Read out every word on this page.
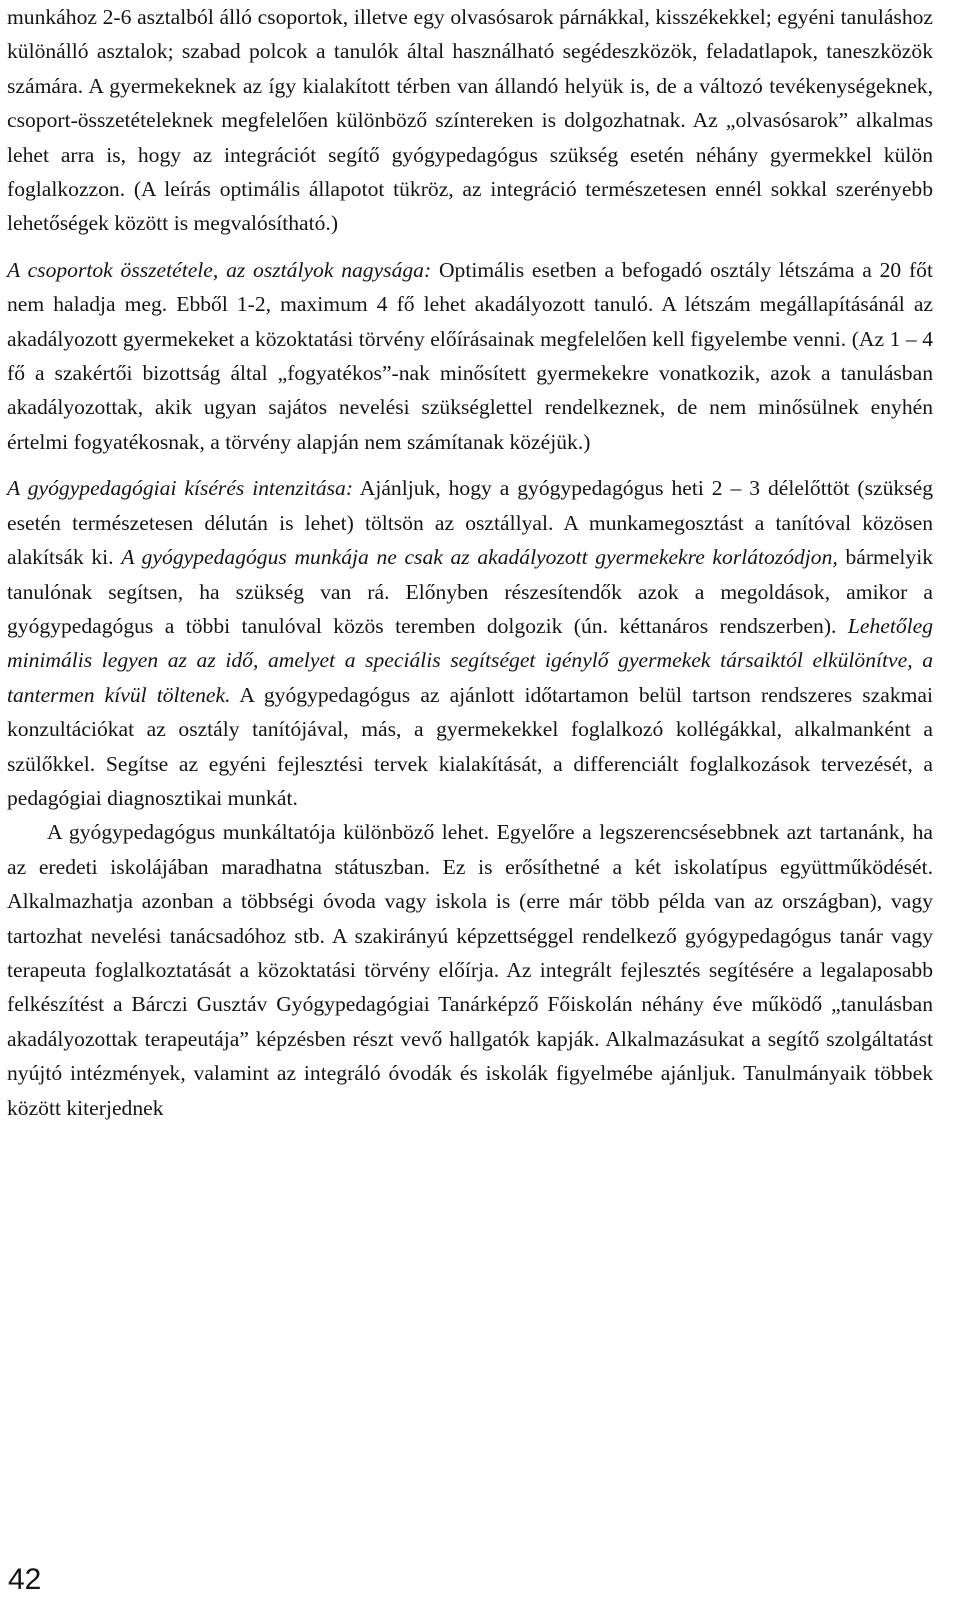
munkához 2-6 asztalból álló csoportok, illetve egy olvasósarok párnákkal, kisszékekkel; egyéni tanuláshoz különálló asztalok; szabad polcok a tanulók által használható segédeszközök, feladatlapok, taneszközök számára. A gyermekeknek az így kialakított térben van állandó helyük is, de a változó tevékenységeknek, csoport-összetételeknek megfelelően különböző színtereken is dolgozhatnak. Az „olvasósarok” alkalmas lehet arra is, hogy az integrációt segítő gyógypedagógus szükség esetén néhány gyermekkel külön foglalkozzon. (A leírás optimális állapotot tükröz, az integráció természetesen ennél sokkal szerényebb lehetőségek között is megvalósítható.)

A csoportok összetétele, az osztályok nagysága: Optimális esetben a befogadó osztály létszáma a 20 főt nem haladja meg. Ebből 1-2, maximum 4 fő lehet akadályozott tanuló. A létszám megállapításánál az akadályozott gyermekeket a közoktatási törvény előírásainak megfelelően kell figyelembe venni. (Az 1 – 4 fő a szakértői bizottság által „fogyatékos”-nak minősített gyermekekre vonatkozik, azok a tanulásban akadályozottak, akik ugyan sajátos nevelési szükséglettel rendelkeznek, de nem minősülnek enyhén értelmi fogyatékosnak, a törvény alapján nem számítanak közéjük.)

A gyógypedagógiai kísérés intenzitása: Ajánljuk, hogy a gyógypedagógus heti 2 – 3 délelőttöt (szükség esetén természetesen délután is lehet) töltsön az osztállyal. A munkamegosztást a tanítóval közösen alakítsák ki. A gyógypedagógus munkája ne csak az akadályozott gyermekekre korlátozódjon, bármelyik tanulónak segítsen, ha szükség van rá. Előnyben részesítendők azok a megoldások, amikor a gyógypedagógus a többi tanulóval közös teremben dolgozik (ún. kéttanáros rendszerben). Lehetőleg minimális legyen az az idő, amelyet a speciális segítséget igénylő gyermekek társaiktól elkülönítve, a tantermen kívül töltenek. A gyógypedagógus az ajánlott időtartamon belül tartson rendszeres szakmai konzultációkat az osztály tanítójával, más, a gyermekekkel foglalkozó kollégákkal, alkalmanként a szülőkkel. Segítse az egyéni fejlesztési tervek kialakítását, a differenciált foglalkozások tervezését, a pedagógiai diagnosztikai munkát.

A gyógypedagógus munkáltatója különböző lehet. Egyelőre a legszerencsésebbnek azt tartanánk, ha az eredeti iskolájában maradhatna státuszban. Ez is erősíthetné a két iskolatípus együttműködését. Alkalmazhatja azonban a többségi óvoda vagy iskola is (erre már több példa van az országban), vagy tartozhat nevelési tanácsadóhoz stb. A szakirányú képzettséggel rendelkező gyógypedagógus tanár vagy terapeuta foglalkoztatását a közoktatási törvény előírja. Az integrált fejlesztés segítésére a legalaposabb felkészítést a Bárczi Gusztáv Gyógypedagógiai Tanárképző Főiskolán néhány éve működő „tanulásban akadályozottak terapeutája” képzésben részt vevő hallgatók kapják. Alkalmazásukat a segítő szolgáltatást nyújtó intézmények, valamint az integráló óvodák és iskolák figyelmébe ajánljuk. Tanulmányaik többek között kiterjednek

42
